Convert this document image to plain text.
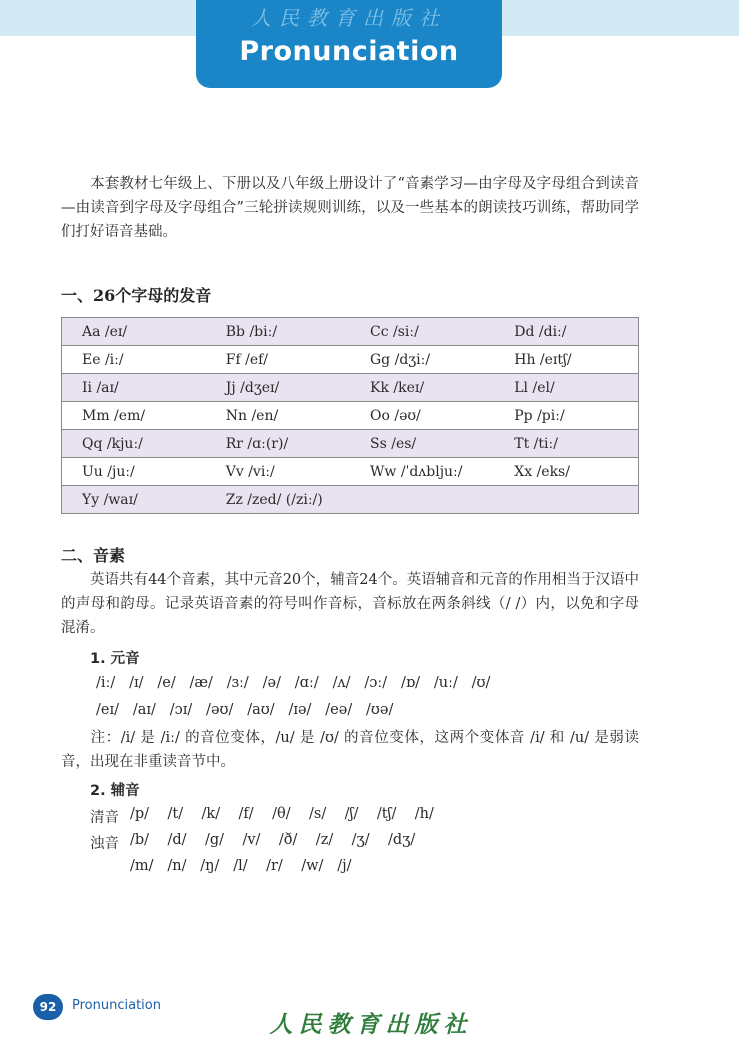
人民教育出版社
Pronunciation
本套教材七年级上、下册以及八年级上册设计了“音素学习—由字母及字母组合到读音—由读音到字母及字母组合”三轮拼读规则训练，以及一些基本的朗读技巧训练，帮助同学们打好语音基础。
一、26个字母的发音
Aa /eɪ/	Bb /biː/	Cc /siː/	Dd /diː/
Ee /iː/	Ff /ef/	Gg /dʒiː/	Hh /eɪtʃ/
Ii /aɪ/	Jj /dʒeɪ/	Kk /keɪ/	Ll /el/
Mm /em/	Nn /en/	Oo /əʊ/	Pp /piː/
Qq /kjuː/	Rr /ɑː(r)/	Ss /es/	Tt /tiː/
Uu /juː/	Vv /viː/	Ww /ˈdʌbljuː/	Xx /eks/
Yy /waɪ/	Zz /zed/ (/ziː/)		
二、音素
英语共有44个音素，其中元音20个，辅音24个。英语辅音和元音的作用相当于汉语中的声母和韵母。记录英语音素的符号叫作音标，音标放在两条斜线（/ /）内，以免和字母混淆。
1. 元音
/iː/   /ɪ/   /e/   /æ/   /ɜː/   /ə/   /ɑː/   /ʌ/   /ɔː/   /ɒ/   /uː/   /ʊ/
/eɪ/   /aɪ/   /ɔɪ/   /əʊ/   /aʊ/   /ɪə/   /eə/   /ʊə/
注：/i/ 是 /iː/ 的音位变体，/u/ 是 /ʊ/ 的音位变体，这两个变体音 /i/ 和 /u/ 是弱读音，出现在非重读音节中。
2. 辅音
清音 /p/    /t/    /k/    /f/    /θ/    /s/    /ʃ/    /tʃ/    /h/
浊音 /b/    /d/    /g/    /v/    /ð/    /z/    /ʒ/    /dʒ/
/m/   /n/   /ŋ/   /l/    /r/    /w/   /j/
92	Pronunciation
人民教育出版社
